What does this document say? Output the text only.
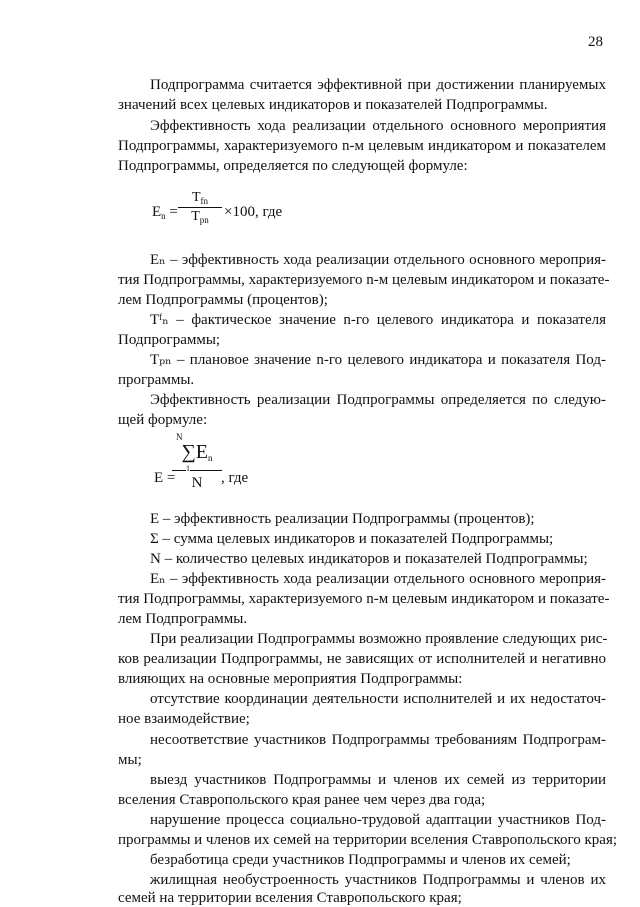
28
Подпрограмма считается эффективной при достижении планируемых
значений всех целевых индикаторов и показателей Подпрограммы.
Эффективность хода реализации отдельного основного мероприятия
Подпрограммы, характеризуемого n-м целевым индикатором и показателем
Подпрограммы, определяется по следующей формуле:
$E_n$ =
$T_{fn}$
$T_{pn}$	×100, где
Eₙ – эффективность хода реализации отдельного основного мероприя-
тия Подпрограммы, характеризуемого n-м целевым индикатором и показате-
лем Подпрограммы (процентов);
Tᶠₙ – фактическое значение n-го целевого индикатора и показателя
Подпрограммы;
Tₚₙ – плановое значение n-го целевого индикатора и показателя Под-
программы.
Эффективность реализации Подпрограммы определяется по следую-
щей формуле:
E =
N
$\sum E_n$
1
N	, где
E – эффективность реализации Подпрограммы (процентов);
Σ – сумма целевых индикаторов и показателей Подпрограммы;
N – количество целевых индикаторов и показателей Подпрограммы;
Eₙ – эффективность хода реализации отдельного основного мероприя-
тия Подпрограммы, характеризуемого n-м целевым индикатором и показате-
лем Подпрограммы.
При реализации Подпрограммы возможно проявление следующих рис-
ков реализации Подпрограммы, не зависящих от исполнителей и негативно
влияющих на основные мероприятия Подпрограммы:
отсутствие координации деятельности исполнителей и их недостаточ-
ное взаимодействие;
несоответствие участников Подпрограммы требованиям Подпрограм-
мы;
выезд участников Подпрограммы и членов их семей из территории
вселения Ставропольского края ранее чем через два года;
нарушение процесса социально-трудовой адаптации участников Под-
программы и членов их семей на территории вселения Ставропольского края;
безработица среди участников Подпрограммы и членов их семей;
жилищная необустроенность участников Подпрограммы и членов их
семей на территории вселения Ставропольского края;
